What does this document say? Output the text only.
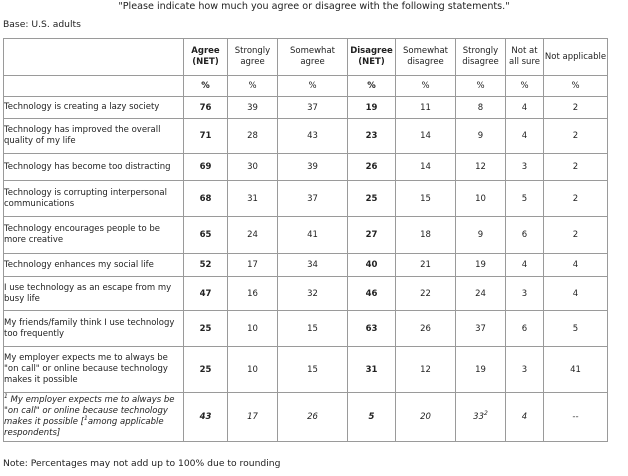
"Please indicate how much you agree or disagree with the following statements."
Base: U.S. adults
	Agree (NET)	Strongly agree	Somewhat agree	Disagree (NET)	Somewhat disagree	Strongly disagree	Not at all sure	Not applicable
	%	%	%	%	%	%	%	%
Technology is creating a lazy society	76	39	37	19	11	8	4	2
Technology has improved the overall quality of my life	71	28	43	23	14	9	4	2
Technology has become too distracting	69	30	39	26	14	12	3	2
Technology is corrupting interpersonal communications	68	31	37	25	15	10	5	2
Technology encourages people to be more creative	65	24	41	27	18	9	6	2
Technology enhances my social life	52	17	34	40	21	19	4	4
I use technology as an escape from my busy life	47	16	32	46	22	24	3	4
My friends/family think I use technology too frequently	25	10	15	63	26	37	6	5
My employer expects me to always be "on call" or online because technology makes it possible	25	10	15	31	12	19	3	41
$^1$ My employer expects me to always be "on call" or online because technology makes it possible [$^1$among applicable respondents]	43	17	26	5	20	$33^2$	4	--
Note: Percentages may not add up to 100% due to rounding
